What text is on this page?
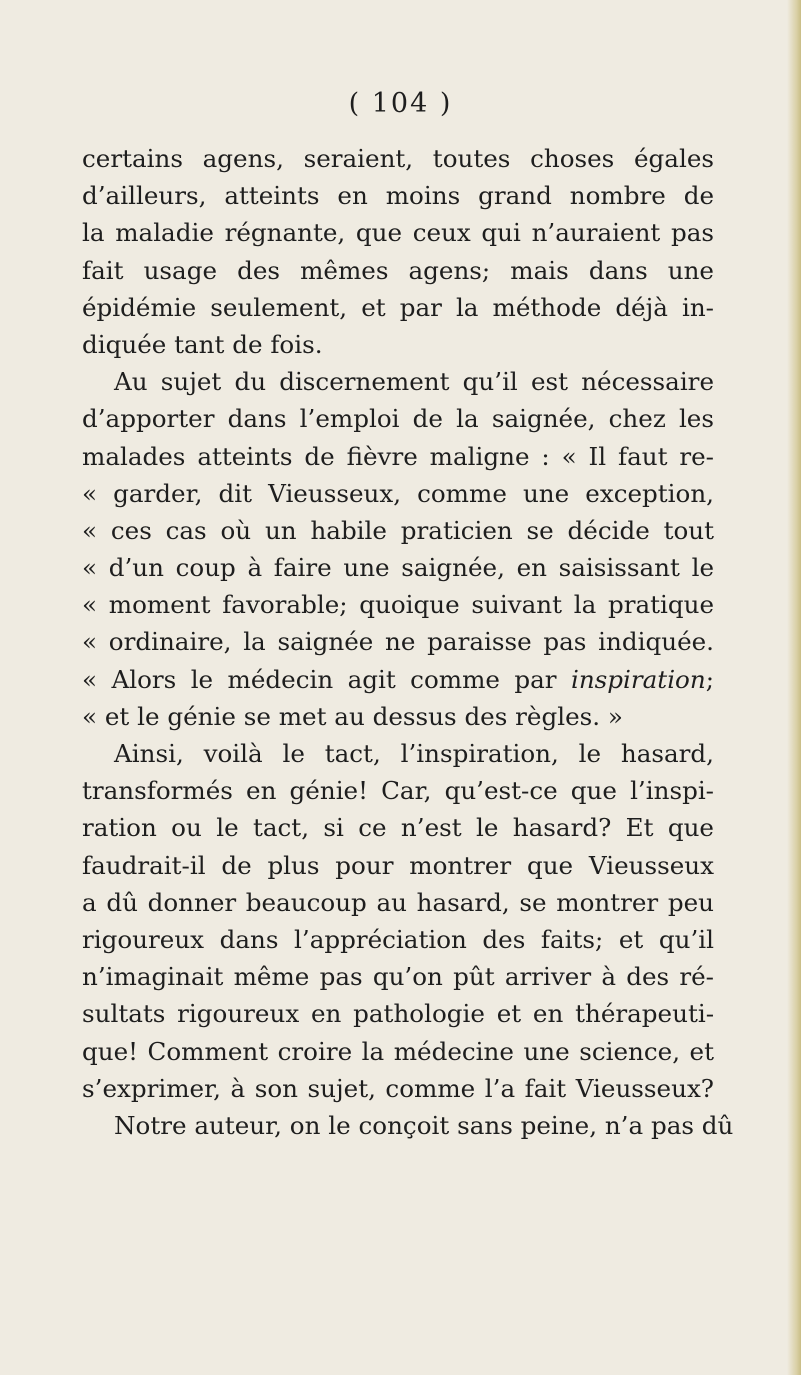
( 104 )
certains agens, seraient, toutes choses égales
d’ailleurs, atteints en moins grand nombre de
la maladie régnante, que ceux qui n’auraient pas
fait usage des mêmes agens; mais dans une
épidémie seulement, et par la méthode déjà in-
diquée tant de fois.
Au sujet du discernement qu’il est nécessaire
d’apporter dans l’emploi de la saignée, chez les
malades atteints de fièvre maligne : « Il faut re-
« garder, dit Vieusseux, comme une exception,
« ces cas où un habile praticien se décide tout
« d’un coup à faire une saignée, en saisissant le
« moment favorable; quoique suivant la pratique
« ordinaire, la saignée ne paraisse pas indiquée.
« Alors le médecin agit comme par inspiration;
« et le génie se met au dessus des règles. »
Ainsi, voilà le tact, l’inspiration, le hasard,
transformés en génie! Car, qu’est-ce que l’inspi-
ration ou le tact, si ce n’est le hasard? Et que
faudrait-il de plus pour montrer que Vieusseux
a dû donner beaucoup au hasard, se montrer peu
rigoureux dans l’appréciation des faits; et qu’il
n’imaginait même pas qu’on pût arriver à des ré-
sultats rigoureux en pathologie et en thérapeuti-
que! Comment croire la médecine une science, et
s’exprimer, à son sujet, comme l’a fait Vieusseux?
Notre auteur, on le conçoit sans peine, n’a pas dû
